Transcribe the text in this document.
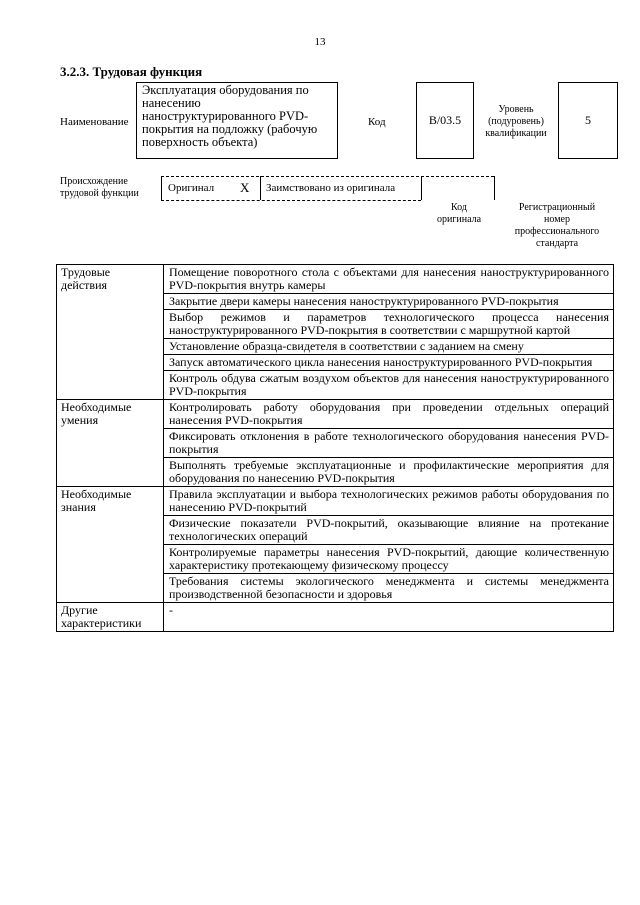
13
3.2.3. Трудовая функция
Наименование
Эксплуатация оборудования по нанесению наноструктурированного PVD-покрытия на подложку (рабочую поверхность объекта)
Код	B/03.5
Уровень
(подуровень)
квалификации
5
Происхождение
трудовой функции	Оригинал X Заимствовано из оригинала
Код
оригинала
Регистрационный
номер
профессионального
стандарта
Трудовые действия	Помещение поворотного стола с объектами для нанесения наноструктурированного PVD-покрытия внутрь камеры
	Закрытие двери камеры нанесения наноструктурированного PVD-покрытия
	Выбор режимов и параметров технологического процесса нанесения наноструктурированного PVD-покрытия в соответствии с маршрутной картой
	Установление образца-свидетеля в соответствии с заданием на смену
	Запуск автоматического цикла нанесения наноструктурированного PVD-покрытия
	Контроль обдува сжатым воздухом объектов для нанесения наноструктурированного PVD-покрытия
Необходимые умения	Контролировать работу оборудования при проведении отдельных операций нанесения PVD-покрытия
	Фиксировать отклонения в работе технологического оборудования нанесения PVD-покрытия
	Выполнять требуемые эксплуатационные и профилактические мероприятия для оборудования по нанесению PVD-покрытия
Необходимые знания	Правила эксплуатации и выбора технологических режимов работы оборудования по нанесению PVD-покрытий
	Физические показатели PVD-покрытий, оказывающие влияние на протекание технологических операций
	Контролируемые параметры нанесения PVD-покрытий, дающие количественную характеристику протекающему физическому процессу
	Требования системы экологического менеджмента и системы менеджмента производственной безопасности и здоровья
Другие характеристики	-
